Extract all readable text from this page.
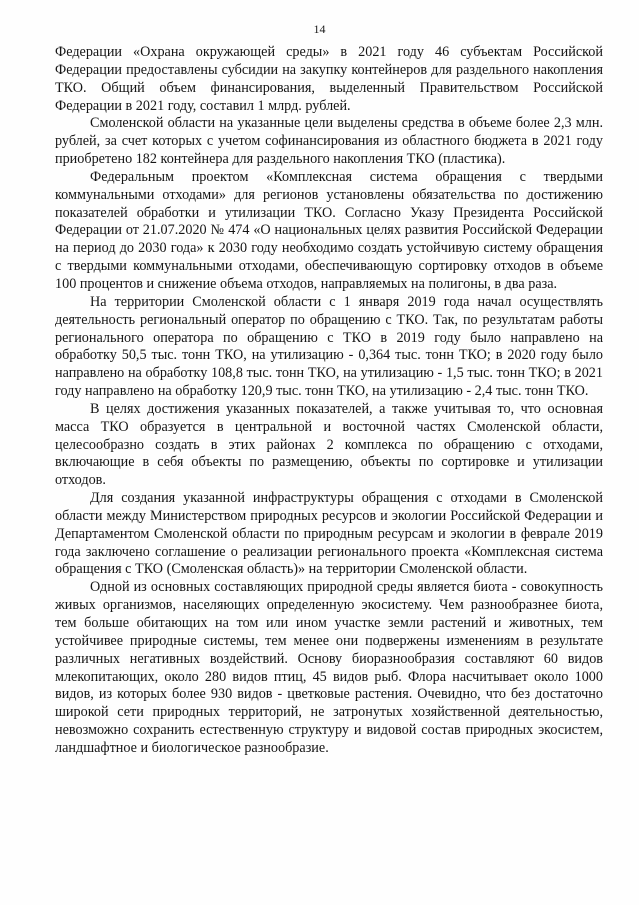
14

Федерации «Охрана окружающей среды» в 2021 году 46 субъектам Российской Федерации предоставлены субсидии на закупку контейнеров для раздельного накопления ТКО. Общий объем финансирования, выделенный Правительством Российской Федерации в 2021 году, составил 1 млрд. рублей.

Смоленской области на указанные цели выделены средства в объеме более 2,3 млн. рублей, за счет которых с учетом софинансирования из областного бюджета в 2021 году приобретено 182 контейнера для раздельного накопления ТКО (пластика).

Федеральным проектом «Комплексная система обращения с твердыми коммунальными отходами» для регионов установлены обязательства по достижению показателей обработки и утилизации ТКО. Согласно Указу Президента Российской Федерации от 21.07.2020 № 474 «О национальных целях развития Российской Федерации на период до 2030 года» к 2030 году необходимо создать устойчивую систему обращения с твердыми коммунальными отходами, обеспечивающую сортировку отходов в объеме 100 процентов и снижение объема отходов, направляемых на полигоны, в два раза.

На территории Смоленской области с 1 января 2019 года начал осуществлять деятельность региональный оператор по обращению с ТКО. Так, по результатам работы регионального оператора по обращению с ТКО в 2019 году было направлено на обработку 50,5 тыс. тонн ТКО, на утилизацию - 0,364 тыс. тонн ТКО; в 2020 году было направлено на обработку 108,8 тыс. тонн ТКО, на утилизацию - 1,5 тыс. тонн ТКО; в 2021 году направлено на обработку 120,9 тыс. тонн ТКО, на утилизацию - 2,4 тыс. тонн ТКО.

В целях достижения указанных показателей, а также учитывая то, что основная масса ТКО образуется в центральной и восточной частях Смоленской области, целесообразно создать в этих районах 2 комплекса по обращению с отходами, включающие в себя объекты по размещению, объекты по сортировке и утилизации отходов.

Для создания указанной инфраструктуры обращения с отходами в Смоленской области между Министерством природных ресурсов и экологии Российской Федерации и Департаментом Смоленской области по природным ресурсам и экологии в феврале 2019 года заключено соглашение о реализации регионального проекта «Комплексная система обращения с ТКО (Смоленская область)» на территории Смоленской области.

Одной из основных составляющих природной среды является биота - совокупность живых организмов, населяющих определенную экосистему. Чем разнообразнее биота, тем больше обитающих на том или ином участке земли растений и животных, тем устойчивее природные системы, тем менее они подвержены изменениям в результате различных негативных воздействий. Основу биоразнообразия составляют 60 видов млекопитающих, около 280 видов птиц, 45 видов рыб. Флора насчитывает около 1000 видов, из которых более 930 видов - цветковые растения. Очевидно, что без достаточно широкой сети природных территорий, не затронутых хозяйственной деятельностью, невозможно сохранить естественную структуру и видовой состав природных экосистем, ландшафтное и биологическое разнообразие.
